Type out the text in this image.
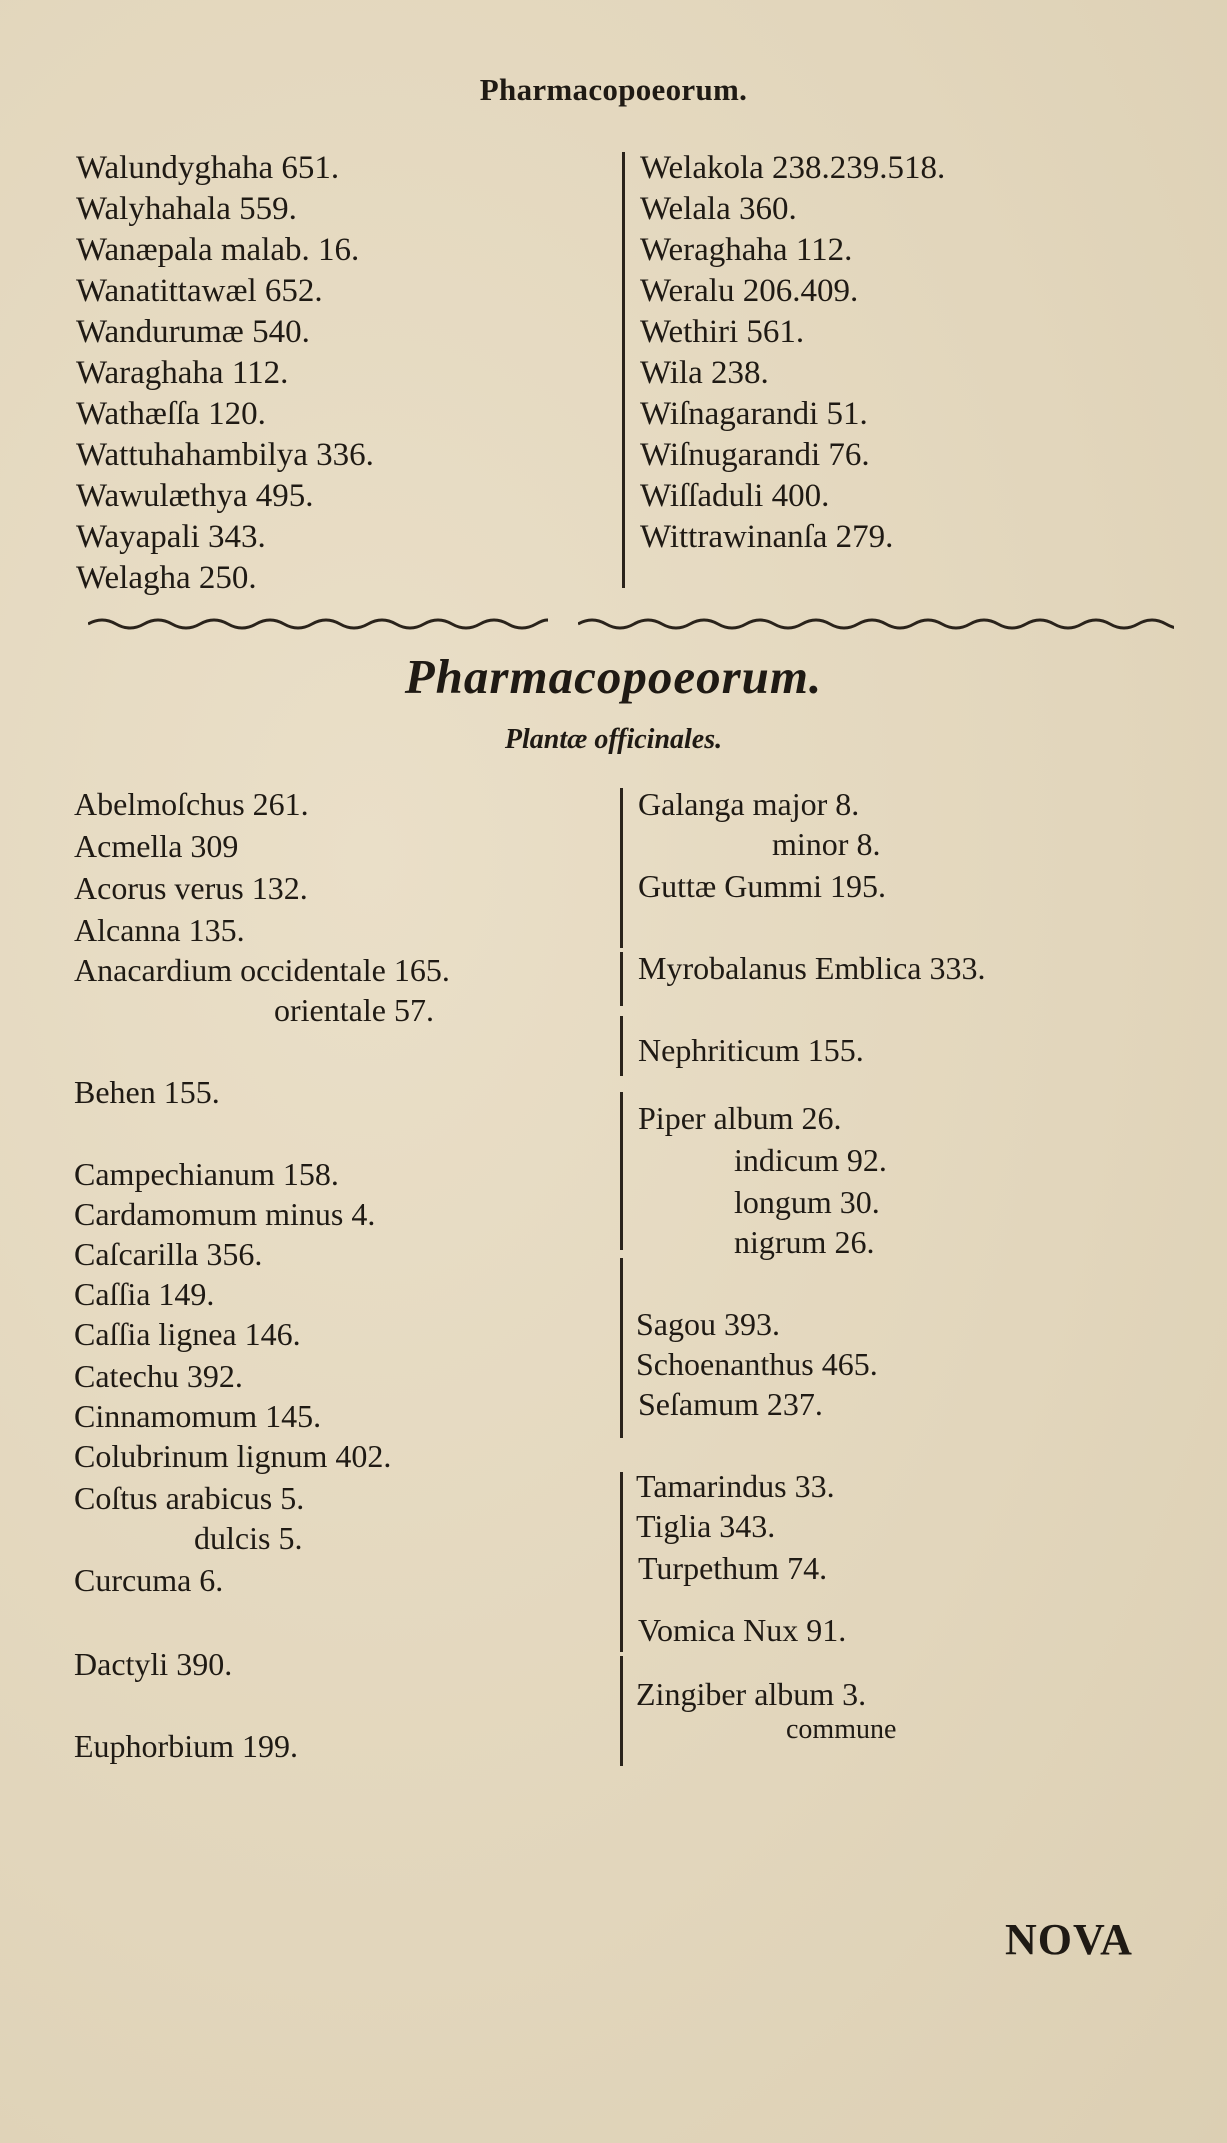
Pharmacopoeorum.
Walundyghaha 651.
Walyhahala 559.
Wanæpala malab. 16.
Wanatittawæl 652.
Wandurumæ 540.
Waraghaha 112.
Wathæſſa 120.
Wattuhahambilya 336.
Wawulæthya 495.
Wayapali 343.
Welagha 250.
Welakola 238.239.518.
Welala 360.
Weraghaha 112.
Weralu 206.409.
Wethiri 561.
Wila 238.
Wiſnagarandi 51.
Wiſnugarandi 76.
Wiſſaduli 400.
Wittrawinanſa 279.
Pharmacopoeorum.
Plantæ officinales.
Abelmoſchus 261.
Acmella 309
Acorus verus 132.
Alcanna 135.
Anacardium occidentale 165.
orientale 57.
Behen 155.
Campechianum 158.
Cardamomum minus 4.
Caſcarilla 356.
Caſſia 149.
Caſſia lignea 146.
Catechu 392.
Cinnamomum 145.
Colubrinum lignum 402.
Coſtus arabicus 5.
dulcis 5.
Curcuma 6.
Dactyli 390.
Euphorbium 199.
Galanga major 8.
minor 8.
Guttæ Gummi 195.
Myrobalanus Emblica 333.
Nephriticum 155.
Piper album 26.
indicum 92.
longum 30.
nigrum 26.
Sagou 393.
Schoenanthus 465.
Seſamum 237.
Tamarindus 33.
Tiglia 343.
Turpethum 74.
Vomica Nux 91.
Zingiber album 3.
commune
NOVA
